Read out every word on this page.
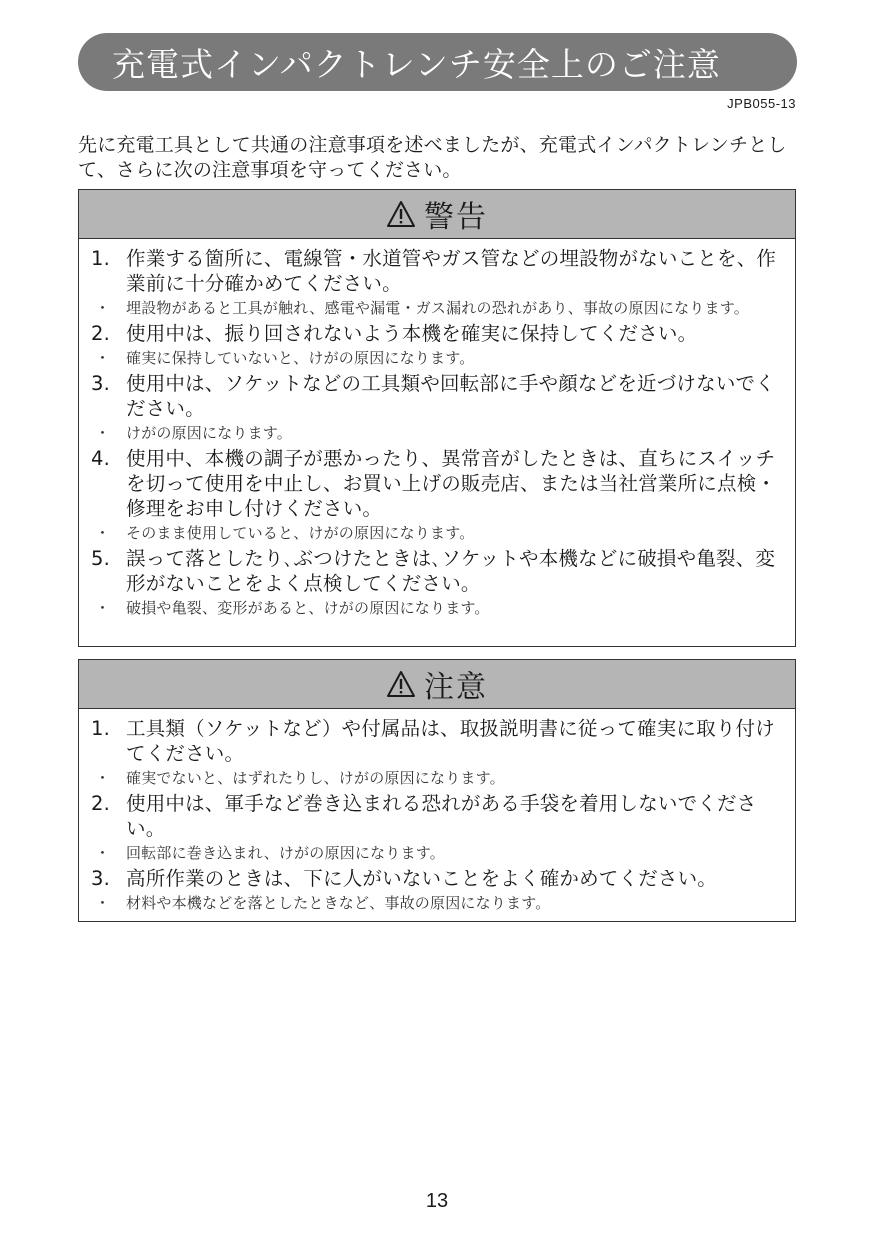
充電式インパクトレンチ安全上のご注意
JPB055-13
先に充電工具として共通の注意事項を述べましたが、充電式インパクトレンチとして、さらに次の注意事項を守ってください。
警告
1. 作業する箇所に、電線管・水道管やガス管などの埋設物がないことを、作業前に十分確かめてください。
・	埋設物があると工具が触れ、感電や漏電・ガス漏れの恐れがあり、事故の原因になります。
2. 使用中は、振り回されないよう本機を確実に保持してください。
・	確実に保持していないと、けがの原因になります。
3. 使用中は、ソケットなどの工具類や回転部に手や顔などを近づけないでください。
・	けがの原因になります。
4. 使用中、本機の調子が悪かったり、異常音がしたときは、直ちにスイッチを切って使用を中止し、お買い上げの販売店、または当社営業所に点検・修理をお申し付けください。
・	そのまま使用していると、けがの原因になります。
5. 誤って落としたり､ぶつけたときは､ソケットや本機などに破損や亀裂、変形がないことをよく点検してください。
・	破損や亀裂、変形があると、けがの原因になります。
注意
1. 工具類（ソケットなど）や付属品は、取扱説明書に従って確実に取り付けてください。
・	確実でないと、はずれたりし、けがの原因になります。
2. 使用中は、軍手など巻き込まれる恐れがある手袋を着用しないでください。
・	回転部に巻き込まれ、けがの原因になります。
3. 高所作業のときは、下に人がいないことをよく確かめてください。
・	材料や本機などを落としたときなど、事故の原因になります。
13
